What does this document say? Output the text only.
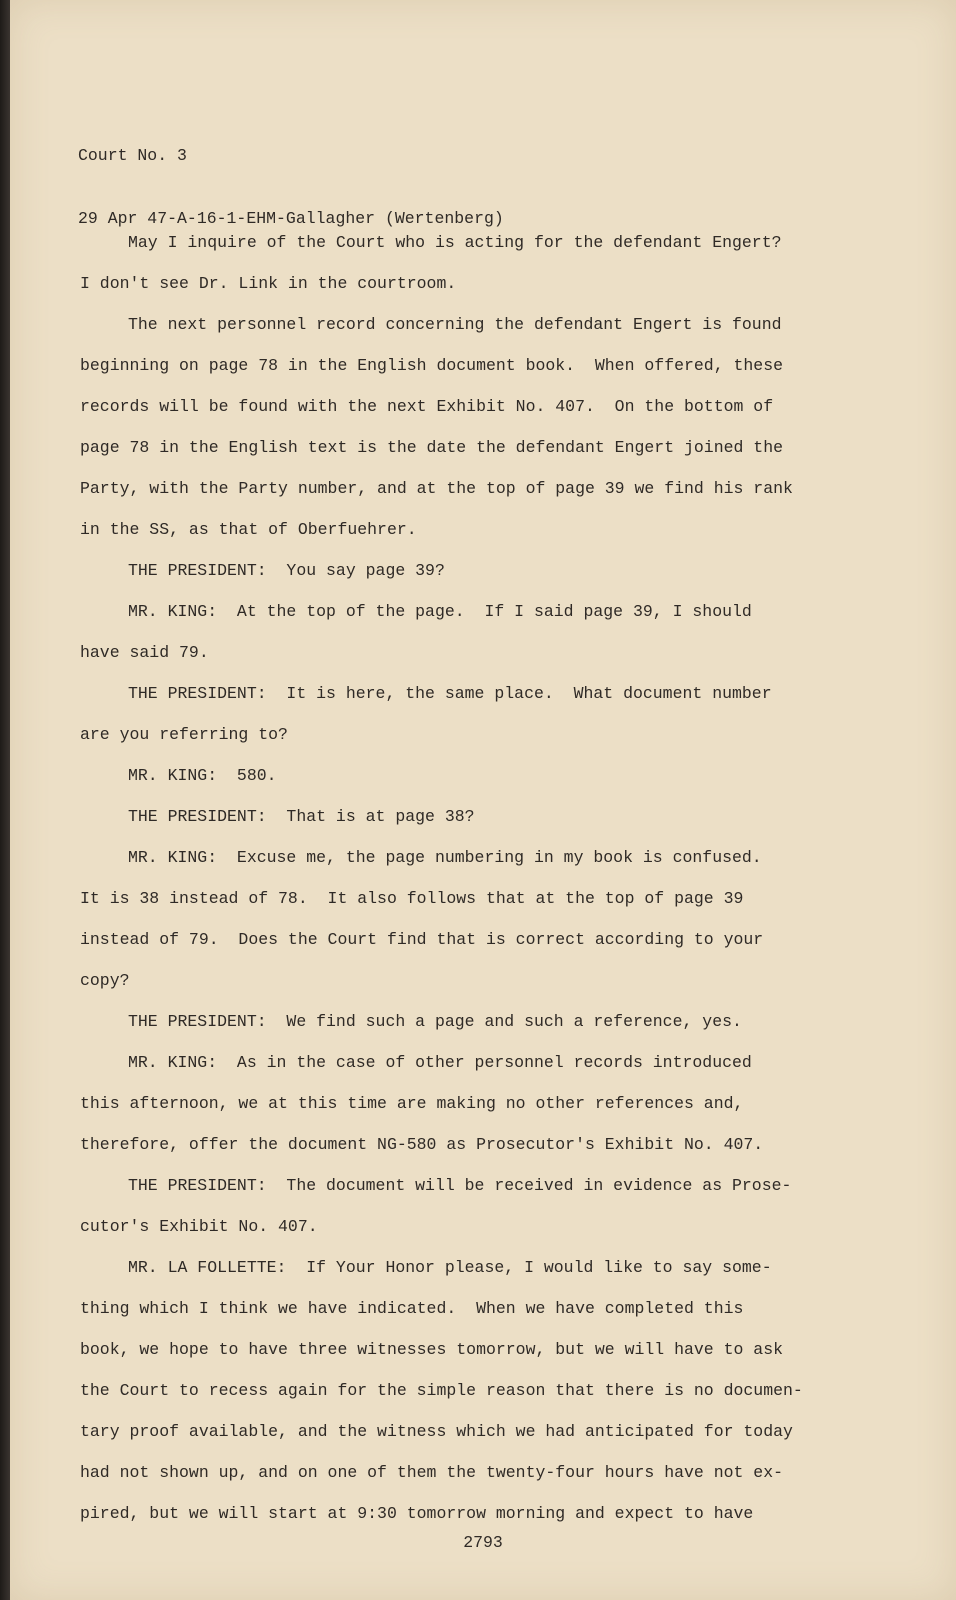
Court No. 3

29 Apr 47-A-16-1-EHM-Gallagher (Wertenberg)

May I inquire of the Court who is acting for the defendant Engert?
I don't see Dr. Link in the courtroom.
The next personnel record concerning the defendant Engert is found
beginning on page 78 in the English document book.  When offered, these
records will be found with the next Exhibit No. 407.  On the bottom of
page 78 in the English text is the date the defendant Engert joined the
Party, with the Party number, and at the top of page 39 we find his rank
in the SS, as that of Oberfuehrer.
THE PRESIDENT:  You say page 39?
MR. KING:  At the top of the page.  If I said page 39, I should
have said 79.
THE PRESIDENT:  It is here, the same place.  What document number
are you referring to?
MR. KING:  580.
THE PRESIDENT:  That is at page 38?
MR. KING:  Excuse me, the page numbering in my book is confused.
It is 38 instead of 78.  It also follows that at the top of page 39
instead of 79.  Does the Court find that is correct according to your
copy?
THE PRESIDENT:  We find such a page and such a reference, yes.
MR. KING:  As in the case of other personnel records introduced
this afternoon, we at this time are making no other references and,
therefore, offer the document NG-580 as Prosecutor's Exhibit No. 407.
THE PRESIDENT:  The document will be received in evidence as Prose-
cutor's Exhibit No. 407.
MR. LA FOLLETTE:  If Your Honor please, I would like to say some-
thing which I think we have indicated.  When we have completed this
book, we hope to have three witnesses tomorrow, but we will have to ask
the Court to recess again for the simple reason that there is no documen-
tary proof available, and the witness which we had anticipated for today
had not shown up, and on one of them the twenty-four hours have not ex-
pired, but we will start at 9:30 tomorrow morning and expect to have
2793
